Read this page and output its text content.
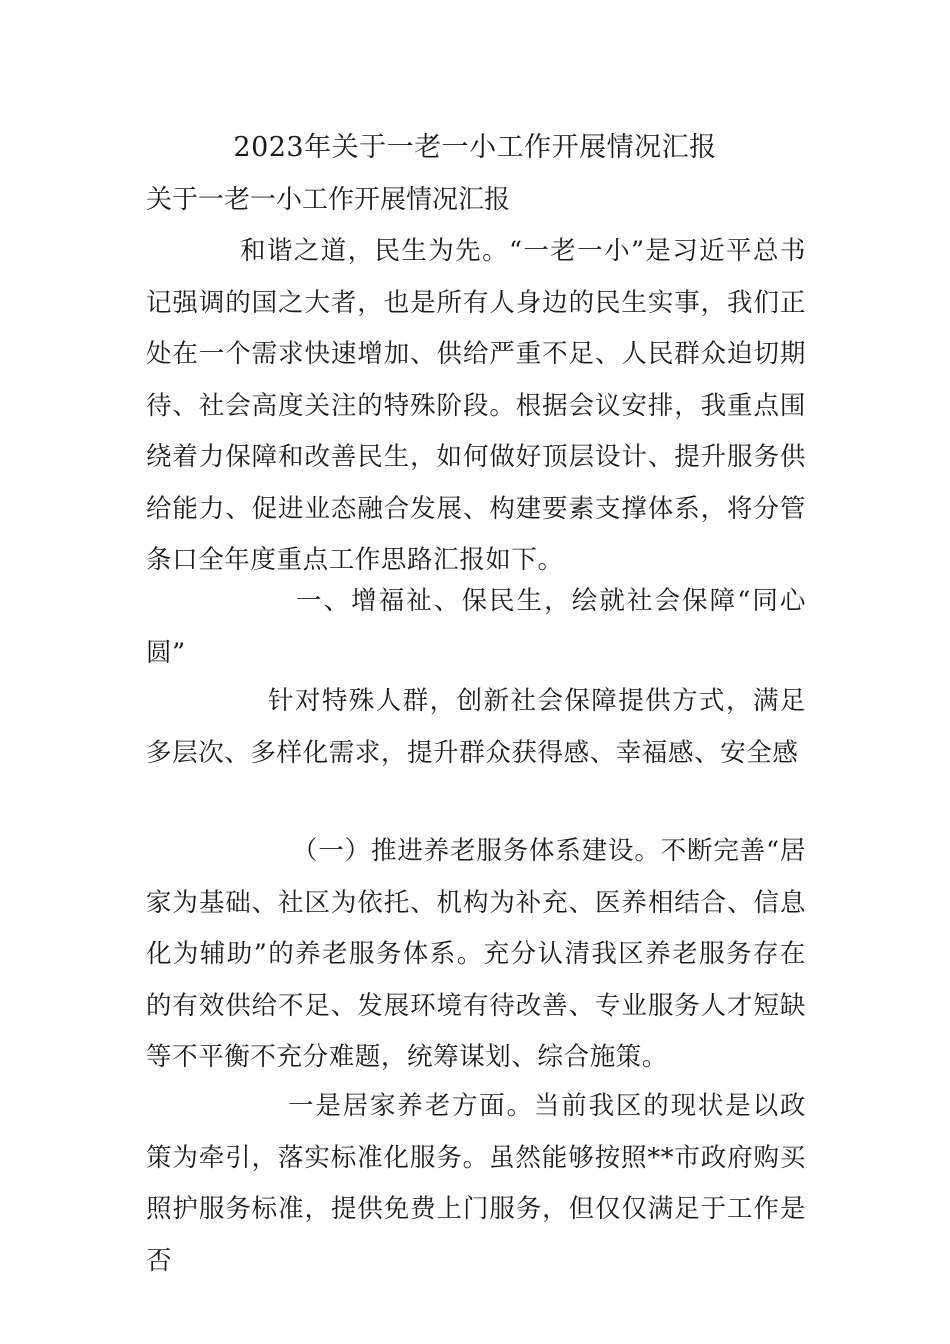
2023年关于一老一小工作开展情况汇报
关于一老一小工作开展情况汇报

和谐之道，民生为先。“一老一小”是习近平总书记强调的国之大者，也是所有人身边的民生实事，我们正处在一个需求快速增加、供给严重不足、人民群众迫切期待、社会高度关注的特殊阶段。根据会议安排，我重点围绕着力保障和改善民生，如何做好顶层设计、提升服务供给能力、促进业态融合发展、构建要素支撑体系，将分管条口全年度重点工作思路汇报如下。

一、增福祉、保民生，绘就社会保障“同心圆”

针对特殊人群，创新社会保障提供方式，满足多层次、多样化需求，提升群众获得感、幸福感、安全感

（一）推进养老服务体系建设。不断完善“居家为基础、社区为依托、机构为补充、医养相结合、信息化为辅助”的养老服务体系。充分认清我区养老服务存在的有效供给不足、发展环境有待改善、专业服务人才短缺等不平衡不充分难题，统筹谋划、综合施策。

一是居家养老方面。当前我区的现状是以政策为牵引，落实标准化服务。虽然能够按照**市政府购买照护服务标准，提供免费上门服务，但仅仅满足于工作是否
